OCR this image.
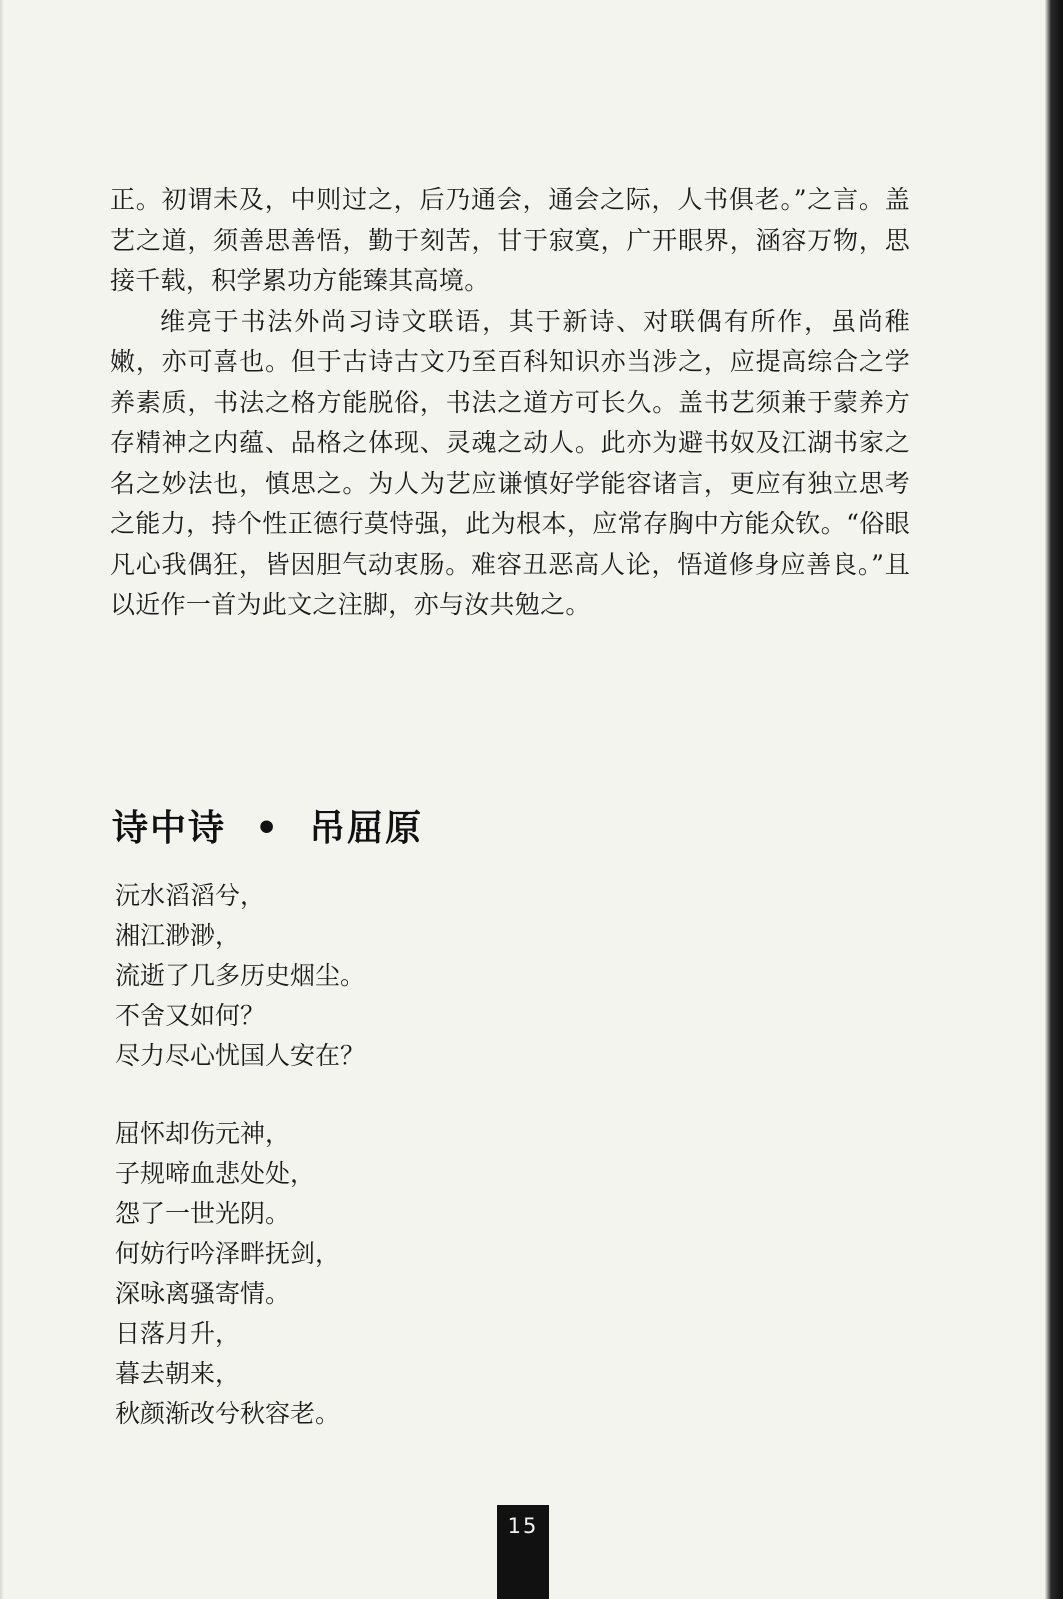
正。初谓未及，中则过之，后乃通会，通会之际，人书俱老。”之言。盖艺之道，须善思善悟，勤于刻苦，甘于寂寞，广开眼界，涵容万物，思接千载，积学累功方能臻其高境。

维亮于书法外尚习诗文联语，其于新诗、对联偶有所作，虽尚稚嫩，亦可喜也。但于古诗古文乃至百科知识亦当涉之，应提高综合之学养素质，书法之格方能脱俗，书法之道方可长久。盖书艺须兼于蒙养方存精神之内蕴、品格之体现、灵魂之动人。此亦为避书奴及江湖书家之名之妙法也，慎思之。为人为艺应谦慎好学能容诸言，更应有独立思考之能力，持个性正德行莫恃强，此为根本，应常存胸中方能众钦。“俗眼凡心我偶狂，皆因胆气动衷肠。难容丑恶高人论，悟道修身应善良。”且以近作一首为此文之注脚，亦与汝共勉之。

诗中诗  •  吊屈原
沅水滔滔兮，
湘江渺渺，
流逝了几多历史烟尘。
不舍又如何？
尽力尽心忧国人安在？
屈怀却伤元神，
子规啼血悲处处，
怨了一世光阴。
何妨行吟泽畔抚剑，
深咏离骚寄情。
日落月升，
暮去朝来，
秋颜渐改兮秋容老。
15
